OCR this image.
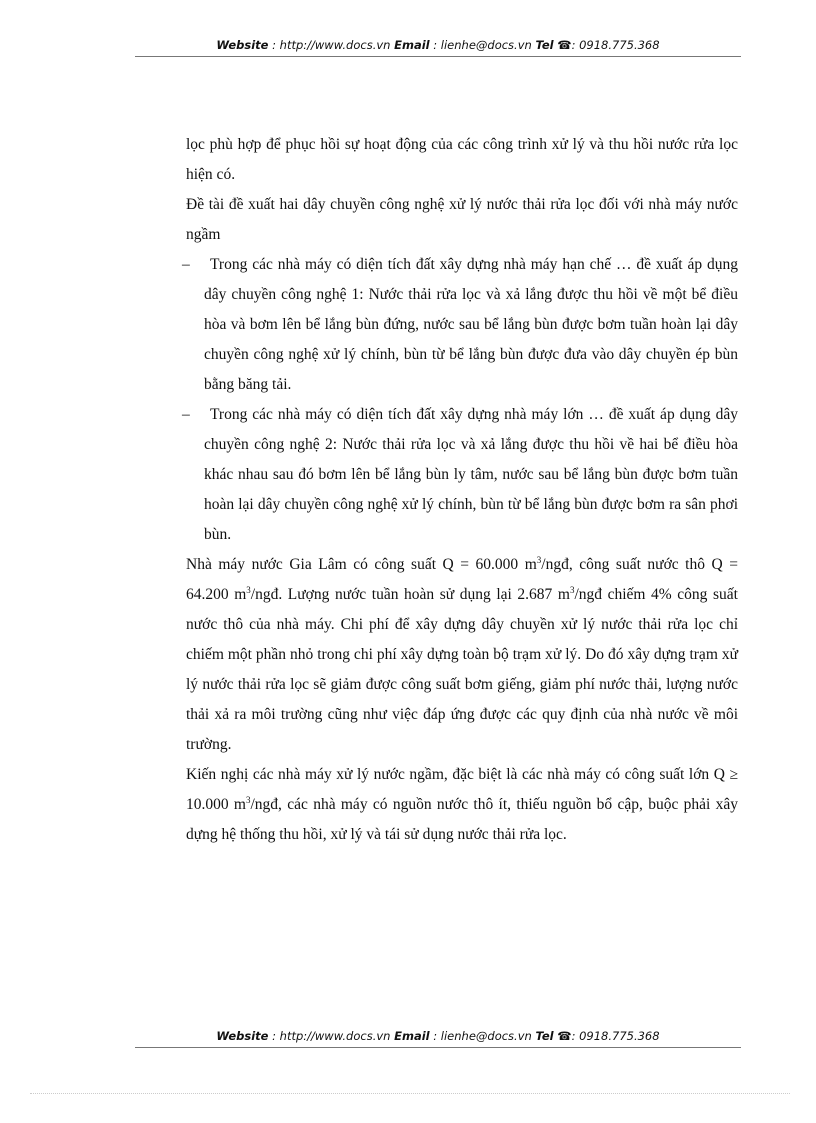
Website : http://www.docs.vn Email : lienhe@docs.vn Tel ☎: 0918.775.368

lọc phù hợp để phục hồi sự hoạt động của các công trình xử lý và thu hồi nước rửa lọc hiện có.

Đề tài đề xuất hai dây chuyền công nghệ xử lý nước thải rửa lọc đối với nhà máy nước ngầm

– Trong các nhà máy có diện tích đất xây dựng nhà máy hạn chế … đề xuất áp dụng dây chuyền công nghệ 1: Nước thải rửa lọc và xả lắng được thu hồi về một bể điều hòa và bơm lên bể lắng bùn đứng, nước sau bể lắng bùn được bơm tuần hoàn lại dây chuyền công nghệ xử lý chính, bùn từ bể lắng bùn được đưa vào dây chuyền ép bùn bằng băng tải.
– Trong các nhà máy có diện tích đất xây dựng nhà máy lớn … đề xuất áp dụng dây chuyền công nghệ 2: Nước thải rửa lọc và xả lắng được thu hồi về hai bể điều hòa khác nhau sau đó bơm lên bể lắng bùn ly tâm, nước sau bể lắng bùn được bơm tuần hoàn lại dây chuyền công nghệ xử lý chính, bùn từ bể lắng bùn được bơm ra sân phơi bùn.

Nhà máy nước Gia Lâm có công suất Q = 60.000 $m^3$/ngđ, công suất nước thô Q = 64.200 $m^3$/ngđ. Lượng nước tuần hoàn sử dụng lại 2.687 $m^3$/ngđ chiếm 4% công suất nước thô của nhà máy. Chi phí để xây dựng dây chuyền xử lý nước thải rửa lọc chỉ chiếm một phần nhỏ trong chi phí xây dựng toàn bộ trạm xử lý. Do đó xây dựng trạm xử lý nước thải rửa lọc sẽ giảm được công suất bơm giếng, giảm phí nước thải, lượng nước thải xả ra môi trường cũng như việc đáp ứng được các quy định của nhà nước về môi trường.

Kiến nghị các nhà máy xử lý nước ngầm, đặc biệt là các nhà máy có công suất lớn Q ≥ 10.000 $m^3$/ngđ, các nhà máy có nguồn nước thô ít, thiếu nguồn bổ cập, buộc phải xây dựng hệ thống thu hồi, xử lý và tái sử dụng nước thải rửa lọc.

Website : http://www.docs.vn Email : lienhe@docs.vn Tel ☎: 0918.775.368
